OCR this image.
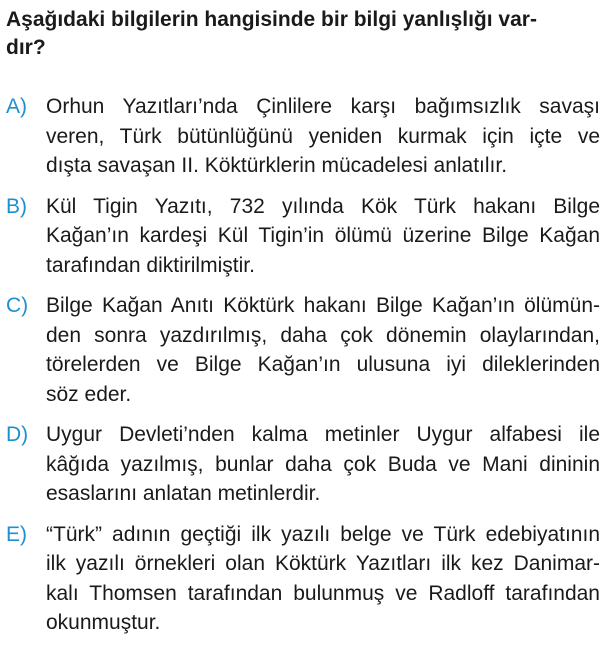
Aşağıdaki bilgilerin hangisinde bir bilgi yanlışlığı var-
dır?
A) Orhun Yazıtları’nda Çinlilere karşı bağımsızlık savaşı
veren, Türk bütünlüğünü yeniden kurmak için içte ve
dışta savaşan II. Köktürklerin mücadelesi anlatılır.
B) Kül Tigin Yazıtı, 732 yılında Kök Türk hakanı Bilge
Kağan’ın kardeşi Kül Tigin’in ölümü üzerine Bilge Kağan
tarafından diktirilmiştir.
C) Bilge Kağan Anıtı Köktürk hakanı Bilge Kağan’ın ölümün-
den sonra yazdırılmış, daha çok dönemin olaylarından,
törelerden ve Bilge Kağan’ın ulusuna iyi dileklerinden
söz eder.
D) Uygur Devleti’nden kalma metinler Uygur alfabesi ile
kâğıda yazılmış, bunlar daha çok Buda ve Mani dininin
esaslarını anlatan metinlerdir.
E) “Türk” adının geçtiği ilk yazılı belge ve Türk edebiyatının
ilk yazılı örnekleri olan Köktürk Yazıtları ilk kez Danimar-
kalı Thomsen tarafından bulunmuş ve Radloff tarafından
okunmuştur.
